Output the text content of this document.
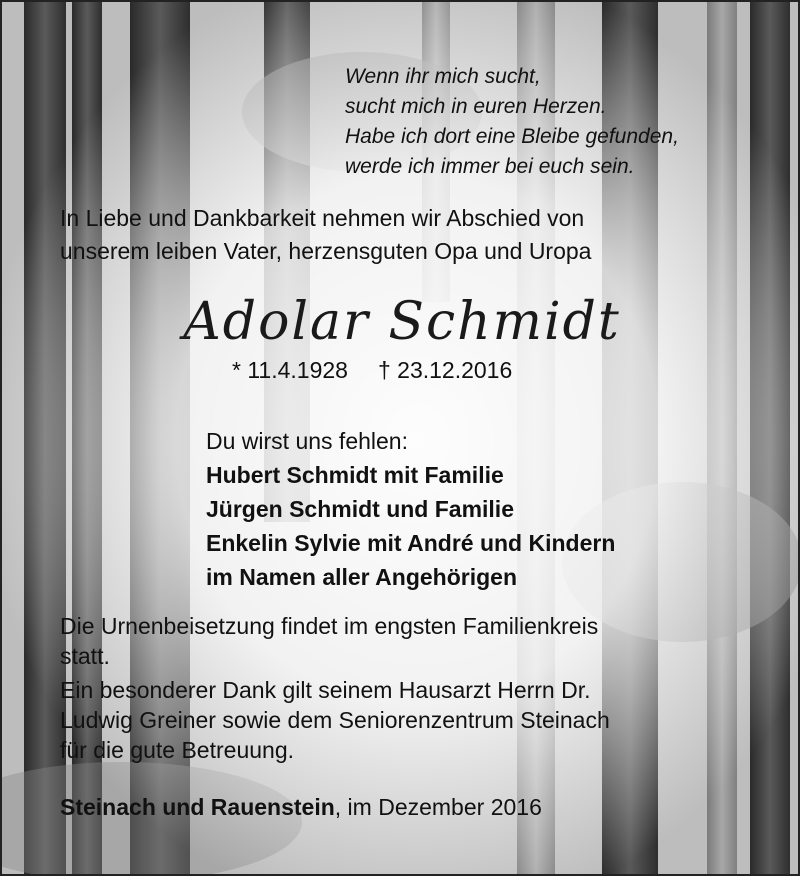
Wenn ihr mich sucht,
sucht mich in euren Herzen.
Habe ich dort eine Bleibe gefunden,
werde ich immer bei euch sein.
In Liebe und Dankbarkeit nehmen wir Abschied von
unserem leiben Vater, herzensguten Opa und Uropa
Adolar Schmidt
* 11.4.1928 † 23.12.2016
Du wirst uns fehlen:
Hubert Schmidt mit Familie
Jürgen Schmidt und Familie
Enkelin Sylvie mit André und Kindern
im Namen aller Angehörigen
Die Urnenbeisetzung findet im engsten Familienkreis
statt.
Ein besonderer Dank gilt seinem Hausarzt Herrn Dr.
Ludwig Greiner sowie dem Seniorenzentrum Steinach
für die gute Betreuung.
Steinach und Rauenstein, im Dezember 2016
